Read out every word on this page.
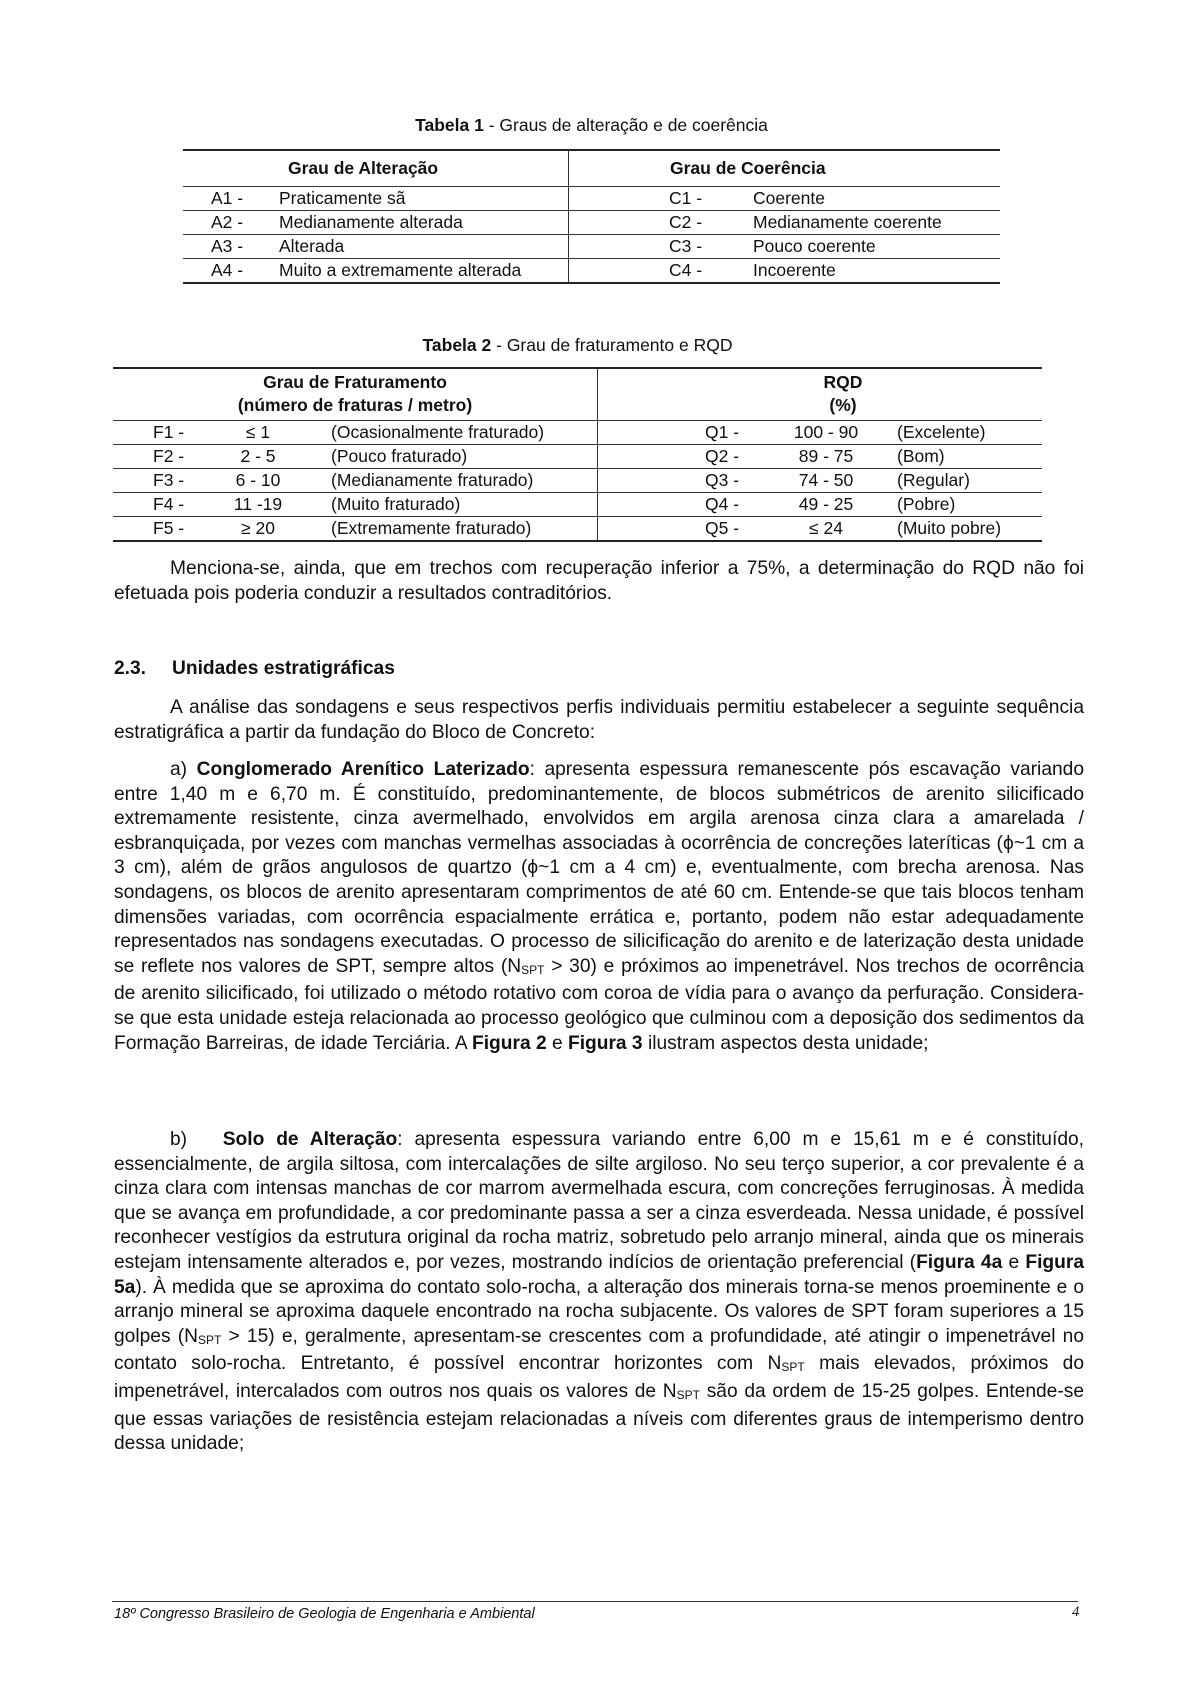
Tabela 1 - Graus de alteração e de coerência
Grau de Alteração	Grau de Coerência
A1 - Praticamente sã	C1 -	Coerente
A2 - Medianamente alterada	C2 -	Medianamente coerente
A3 - Alterada	C3 -	Pouco coerente
A4 - Muito a extremamente alterada	C4 -	Incoerente
Tabela 2 - Grau de fraturamento e RQD
Grau de Fraturamento
(número de fraturas / metro)
RQD
(%)
F1 -	≤ 1	(Ocasionalmente fraturado)	Q1 -	100 - 90	(Excelente)
F2 -	2 - 5	(Pouco fraturado)	Q2 -	89 - 75	(Bom)
F3 -	6 - 10	(Medianamente fraturado)	Q3 -	74 - 50	(Regular)
F4 -	11 -19	(Muito fraturado)	Q4 -	49 - 25	(Pobre)
F5 -	≥ 20	(Extremamente fraturado)	Q5 -	≤ 24	(Muito pobre)

Menciona-se, ainda, que em trechos com recuperação inferior a 75%, a determinação do RQD não foi efetuada pois poderia conduzir a resultados contraditórios.

2.3. Unidades estratigráficas

A análise das sondagens e seus respectivos perfis individuais permitiu estabelecer a seguinte sequência estratigráfica a partir da fundação do Bloco de Concreto:

a) Conglomerado Arenítico Laterizado: apresenta espessura remanescente pós escavação variando entre 1,40 m e 6,70 m. É constituído, predominantemente, de blocos submétricos de arenito silicificado extremamente resistente, cinza avermelhado, envolvidos em argila arenosa cinza clara a amarelada / esbranquiçada, por vezes com manchas vermelhas associadas à ocorrência de concreções lateríticas (ϕ~1 cm a 3 cm), além de grãos angulosos de quartzo (ϕ~1 cm a 4 cm) e, eventualmente, com brecha arenosa. Nas sondagens, os blocos de arenito apresentaram comprimentos de até 60 cm. Entende-se que tais blocos tenham dimensões variadas, com ocorrência espacialmente errática e, portanto, podem não estar adequadamente representados nas sondagens executadas. O processo de silicificação do arenito e de laterização desta unidade se reflete nos valores de SPT, sempre altos $(N_{SPT} > 30)$ e próximos ao impenetrável. Nos trechos de ocorrência de arenito silicificado, foi utilizado o método rotativo com coroa de vídia para o avanço da perfuração. Considera-se que esta unidade esteja relacionada ao processo geológico que culminou com a deposição dos sedimentos da Formação Barreiras, de idade Terciária. A Figura 2 e Figura 3 ilustram aspectos desta unidade;

b) Solo de Alteração: apresenta espessura variando entre 6,00 m e 15,61 m e é constituído, essencialmente, de argila siltosa, com intercalações de silte argiloso. No seu terço superior, a cor prevalente é a cinza clara com intensas manchas de cor marrom avermelhada escura, com concreções ferruginosas. À medida que se avança em profundidade, a cor predominante passa a ser a cinza esverdeada. Nessa unidade, é possível reconhecer vestígios da estrutura original da rocha matriz, sobretudo pelo arranjo mineral, ainda que os minerais estejam intensamente alterados e, por vezes, mostrando indícios de orientação preferencial (Figura 4a e Figura 5a). À medida que se aproxima do contato solo-rocha, a alteração dos minerais torna-se menos proeminente e o arranjo mineral se aproxima daquele encontrado na rocha subjacente. Os valores de SPT foram superiores a 15 golpes $(N_{SPT} > 15)$ e, geralmente, apresentam-se crescentes com a profundidade, até atingir o impenetrável no contato solo-rocha. Entretanto, é possível encontrar horizontes com $N_{SPT}$ mais elevados, próximos do impenetrável, intercalados com outros nos quais os valores de $N_{SPT}$ são da ordem de 15-25 golpes. Entende-se que essas variações de resistência estejam relacionadas a níveis com diferentes graus de intemperismo dentro dessa unidade;

18º Congresso Brasileiro de Geologia de Engenharia e Ambiental	4
